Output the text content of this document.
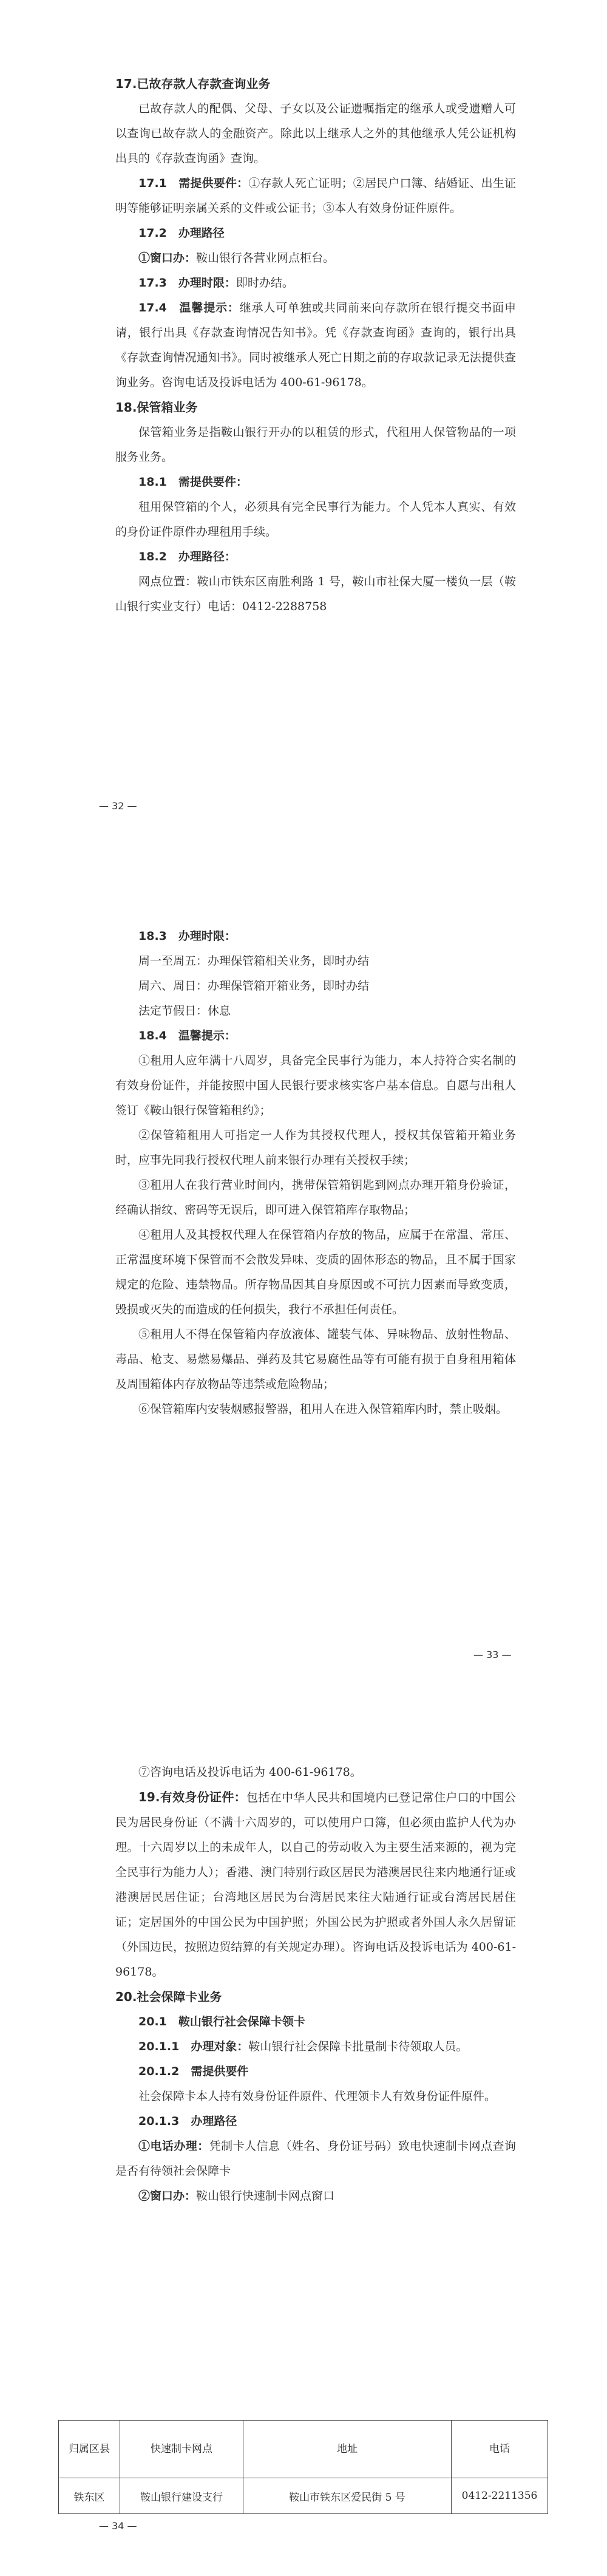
17.已故存款人存款查询业务

已故存款人的配偶、父母、子女以及公证遗嘱指定的继承人或受遗赠人可以查询已故存款人的金融资产。除此以上继承人之外的其他继承人凭公证机构出具的《存款查询函》查询。

17.1　需提供要件：①存款人死亡证明；②居民户口簿、结婚证、出生证明等能够证明亲属关系的文件或公证书；③本人有效身份证件原件。

17.2　办理路径

①窗口办：鞍山银行各营业网点柜台。

17.3　办理时限：即时办结。

17.4　温馨提示：继承人可单独或共同前来向存款所在银行提交书面申请，银行出具《存款查询情况告知书》。凭《存款查询函》查询的，银行出具《存款查询情况通知书》。同时被继承人死亡日期之前的存取款记录无法提供查询业务。咨询电话及投诉电话为 400-61-96178。

18.保管箱业务

保管箱业务是指鞍山银行开办的以租赁的形式，代租用人保管物品的一项服务业务。

18.1　需提供要件：

租用保管箱的个人，必须具有完全民事行为能力。个人凭本人真实、有效的身份证件原件办理租用手续。

18.2　办理路径：

网点位置：鞍山市铁东区南胜利路 1 号，鞍山市社保大厦一楼负一层（鞍山银行实业支行）电话：0412-2288758

— 32 —

18.3　办理时限：

周一至周五：办理保管箱相关业务，即时办结

周六、周日：办理保管箱开箱业务，即时办结

法定节假日：休息

18.4　温馨提示：

①租用人应年满十八周岁，具备完全民事行为能力，本人持符合实名制的有效身份证件，并能按照中国人民银行要求核实客户基本信息。自愿与出租人签订《鞍山银行保管箱租约》；

②保管箱租用人可指定一人作为其授权代理人，授权其保管箱开箱业务时，应事先同我行授权代理人前来银行办理有关授权手续；

③租用人在我行营业时间内，携带保管箱钥匙到网点办理开箱身份验证，经确认指纹、密码等无误后，即可进入保管箱库存取物品；

④租用人及其授权代理人在保管箱内存放的物品，应属于在常温、常压、正常温度环境下保管而不会散发异味、变质的固体形态的物品，且不属于国家规定的危险、违禁物品。所存物品因其自身原因或不可抗力因素而导致变质，毁损或灭失的而造成的任何损失，我行不承担任何责任。

⑤租用人不得在保管箱内存放液体、罐装气体、异味物品、放射性物品、毒品、枪支、易燃易爆品、弹药及其它易腐性品等有可能有损于自身租用箱体及周围箱体内存放物品等违禁或危险物品；

⑥保管箱库内安装烟感报警器，租用人在进入保管箱库内时，禁止吸烟。

— 33 —

⑦咨询电话及投诉电话为 400-61-96178。

19.有效身份证件：包括在中华人民共和国境内已登记常住户口的中国公民为居民身份证（不满十六周岁的，可以使用户口簿，但必须由监护人代为办理。十六周岁以上的未成年人，以自己的劳动收入为主要生活来源的，视为完全民事行为能力人）；香港、澳门特别行政区居民为港澳居民往来内地通行证或港澳居民居住证；台湾地区居民为台湾居民来往大陆通行证或台湾居民居住证；定居国外的中国公民为中国护照；外国公民为护照或者外国人永久居留证（外国边民，按照边贸结算的有关规定办理）。咨询电话及投诉电话为 400-61-96178。

20.社会保障卡业务

20.1　鞍山银行社会保障卡领卡

20.1.1　办理对象：鞍山银行社会保障卡批量制卡待领取人员。

20.1.2　需提供要件

社会保障卡本人持有效身份证件原件、代理领卡人有效身份证件原件。

20.1.3　办理路径

①电话办理：凭制卡人信息（姓名、身份证号码）致电快速制卡网点查询是否有待领社会保障卡

②窗口办：鞍山银行快速制卡网点窗口

归属区县	快速制卡网点	地址	电话
铁东区	鞍山银行建设支行	鞍山市铁东区爱民街 5 号	0412-2211356
— 34 —
